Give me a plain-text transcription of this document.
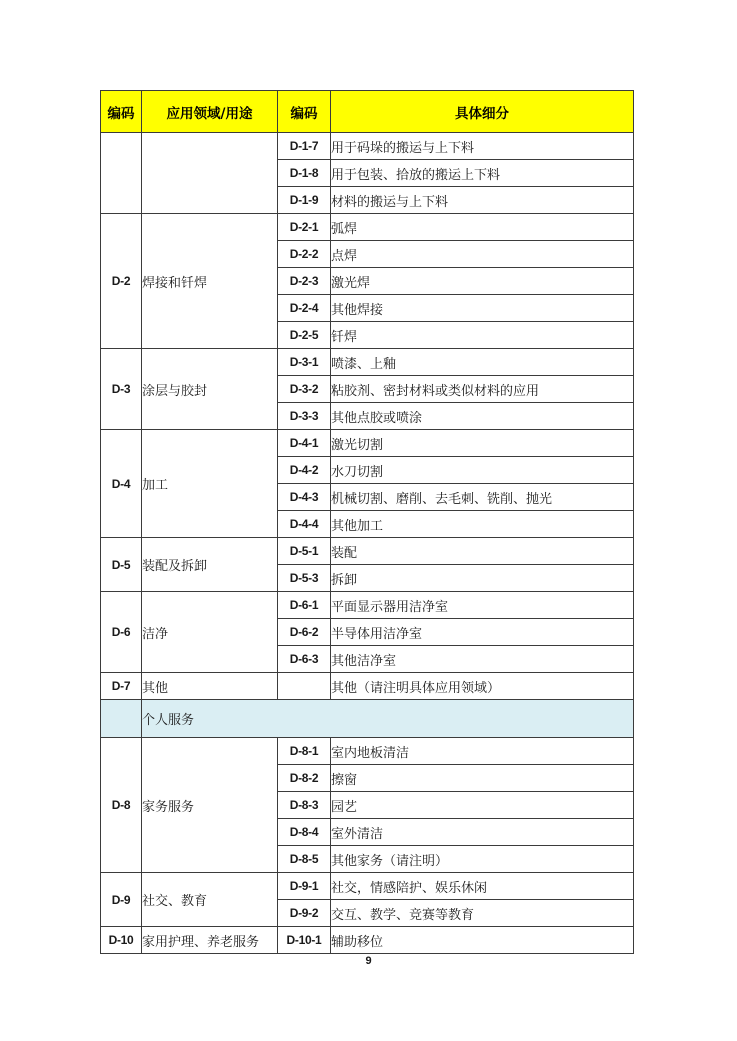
编码	应用领域/用途	编码	具体细分
		D-1-7	用于码垛的搬运与上下料
		D-1-8	用于包装、拾放的搬运上下料
		D-1-9	材料的搬运与上下料
D-2	焊接和钎焊	D-2-1	弧焊
		D-2-2	点焊
		D-2-3	激光焊
		D-2-4	其他焊接
		D-2-5	钎焊
D-3	涂层与胶封	D-3-1	喷漆、上釉
		D-3-2	粘胶剂、密封材料或类似材料的应用
		D-3-3	其他点胶或喷涂
D-4	加工	D-4-1	激光切割
		D-4-2	水刀切割
		D-4-3	机械切割、磨削、去毛刺、铣削、抛光
		D-4-4	其他加工
D-5	装配及拆卸	D-5-1	装配
		D-5-3	拆卸
D-6	洁净	D-6-1	平面显示器用洁净室
		D-6-2	半导体用洁净室
		D-6-3	其他洁净室
D-7	其他		其他（请注明具体应用领域）
	个人服务		
D-8	家务服务	D-8-1	室内地板清洁
		D-8-2	擦窗
		D-8-3	园艺
		D-8-4	室外清洁
		D-8-5	其他家务（请注明）
D-9	社交、教育	D-9-1	社交，情感陪护、娱乐休闲
		D-9-2	交互、教学、竞赛等教育
D-10	家用护理、养老服务	D-10-1	辅助移位
9
